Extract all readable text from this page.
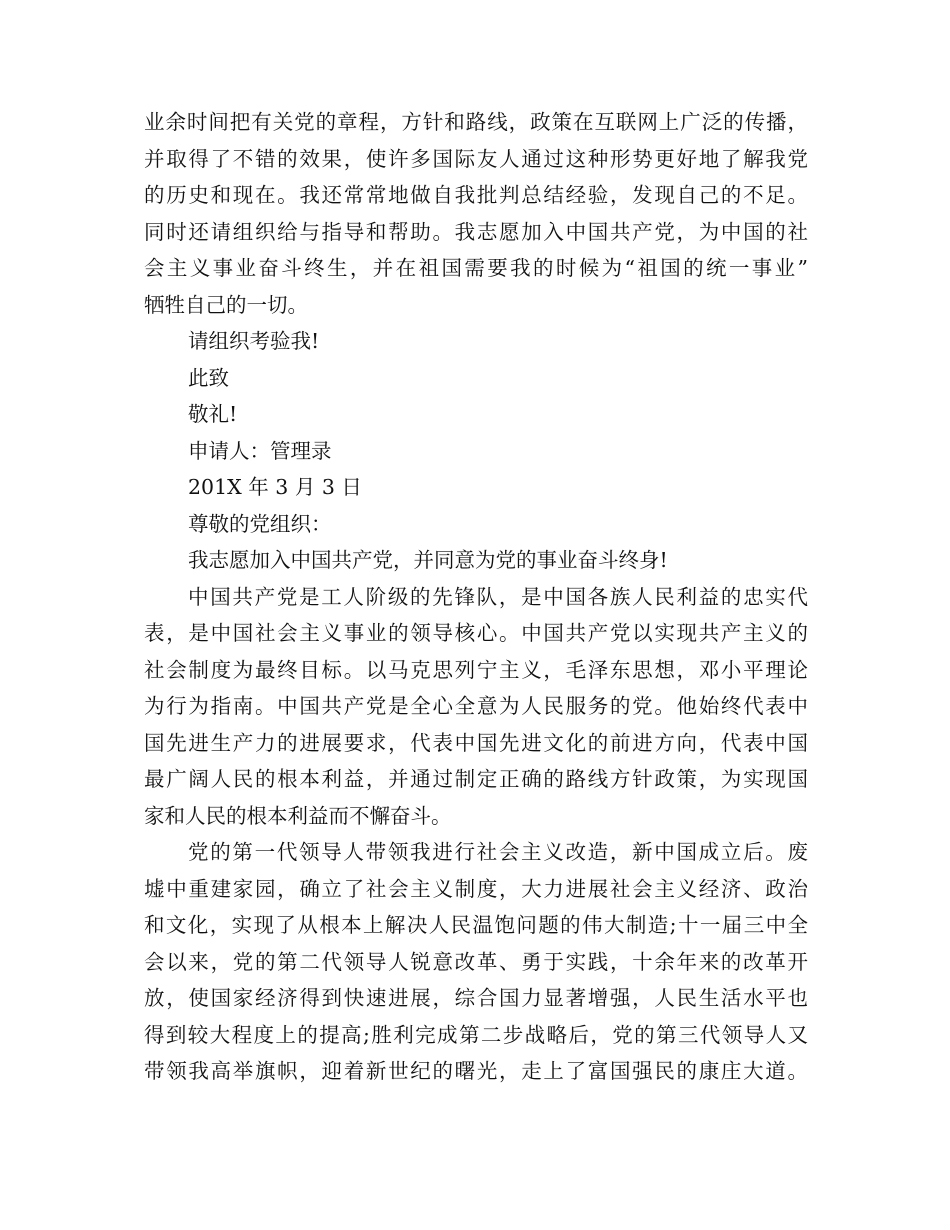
业余时间把有关党的章程，方针和路线，政策在互联网上广泛的传播，
并取得了不错的效果，使许多国际友人通过这种形势更好地了解我党
的历史和现在。我还常常地做自我批判总结经验，发现自己的不足。
同时还请组织给与指导和帮助。我志愿加入中国共产党，为中国的社
会主义事业奋斗终生，并在祖国需要我的时候为“祖国的统一事业”
牺牲自己的一切。
请组织考验我!
此致
敬礼!
申请人：管理录
201X 年 3 月 3 日
尊敬的党组织：
我志愿加入中国共产党，并同意为党的事业奋斗终身!
中国共产党是工人阶级的先锋队，是中国各族人民利益的忠实代
表，是中国社会主义事业的领导核心。中国共产党以实现共产主义的
社会制度为最终目标。以马克思列宁主义，毛泽东思想，邓小平理论
为行为指南。中国共产党是全心全意为人民服务的党。他始终代表中
国先进生产力的进展要求，代表中国先进文化的前进方向，代表中国
最广阔人民的根本利益，并通过制定正确的路线方针政策，为实现国
家和人民的根本利益而不懈奋斗。
党的第一代领导人带领我进行社会主义改造，新中国成立后。废
墟中重建家园，确立了社会主义制度，大力进展社会主义经济、政治
和文化，实现了从根本上解决人民温饱问题的伟大制造;十一届三中全
会以来，党的第二代领导人锐意改革、勇于实践，十余年来的改革开
放，使国家经济得到快速进展，综合国力显著增强，人民生活水平也
得到较大程度上的提高;胜利完成第二步战略后，党的第三代领导人又
带领我高举旗帜，迎着新世纪的曙光，走上了富国强民的康庄大道。
